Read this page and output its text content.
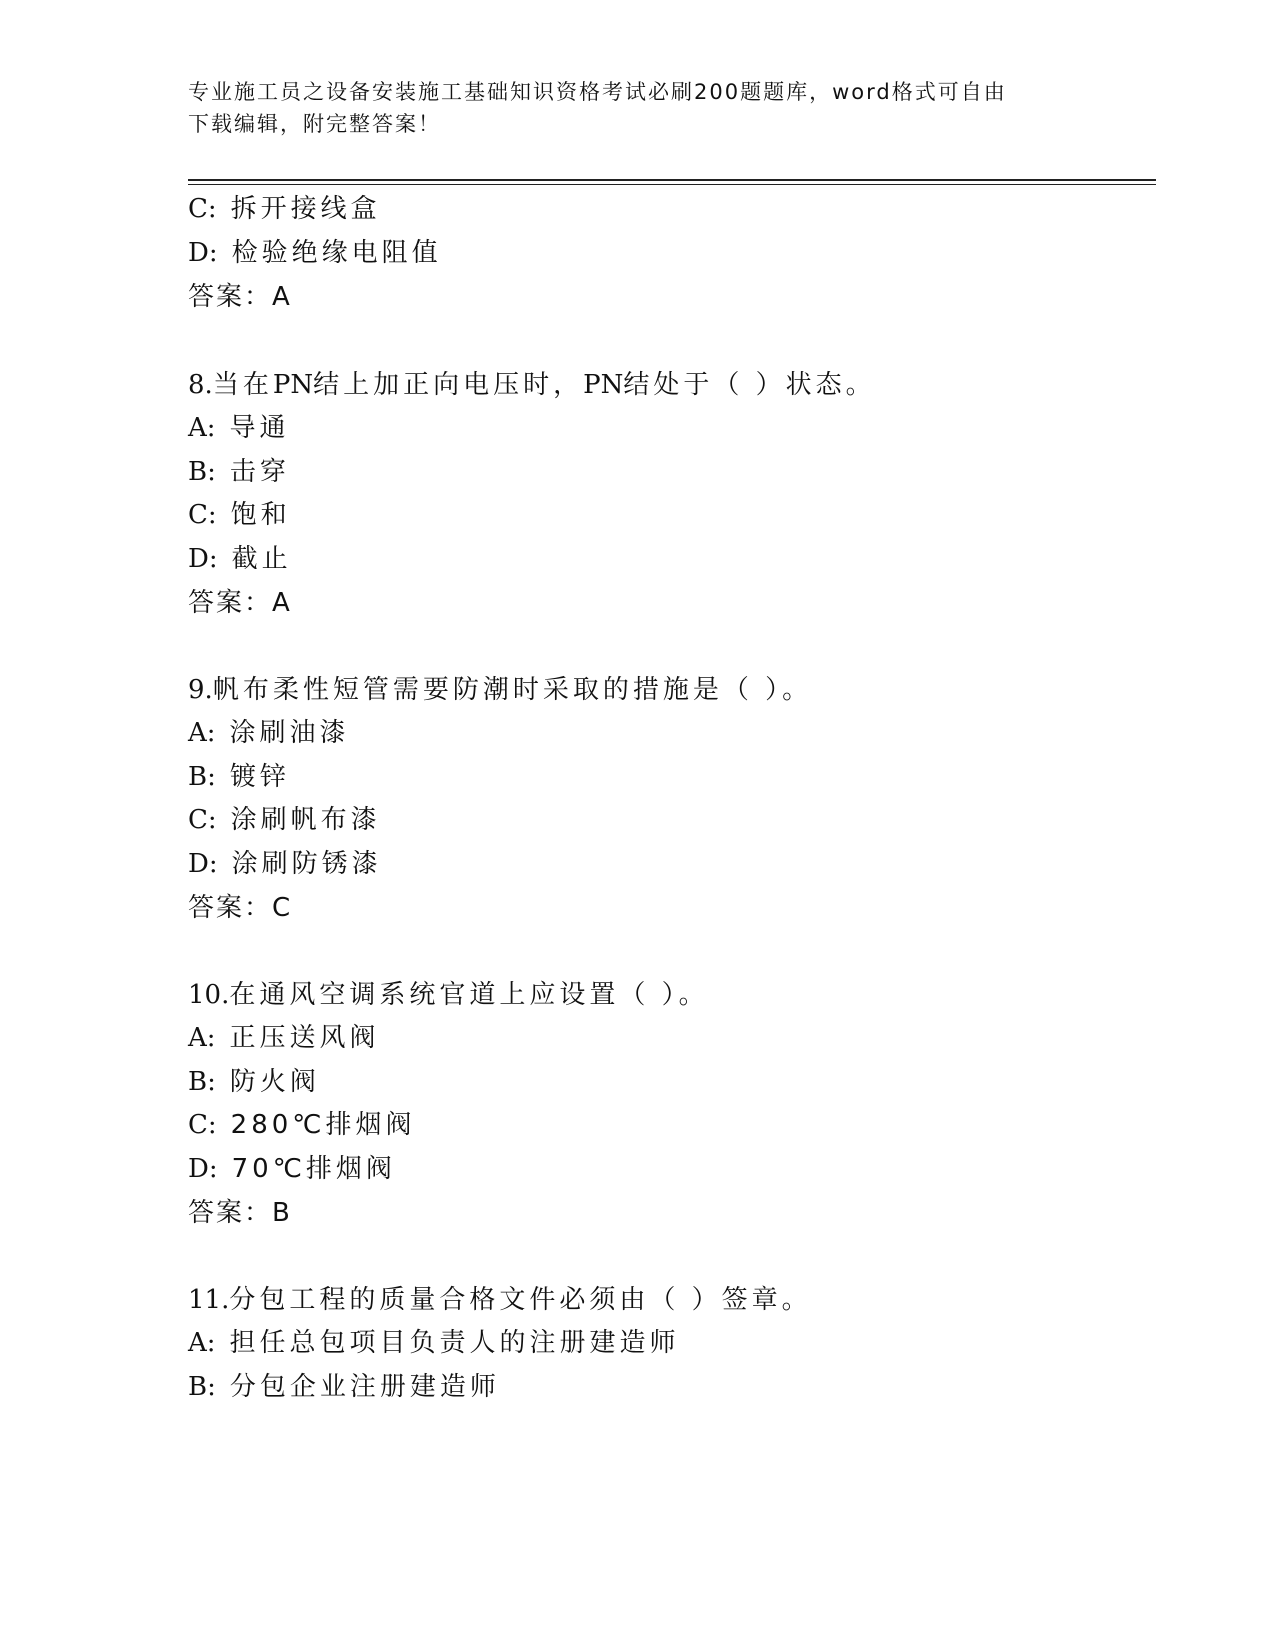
专业施工员之设备安装施工基础知识资格考试必刷200题题库，word格式可自由
下载编辑，附完整答案！
C: 拆开接线盒
D: 检验绝缘电阻值
答案：A
8.当在PN结上加正向电压时，PN结处于（ ）状态。
A: 导通
B: 击穿
C: 饱和
D: 截止
答案：A
9.帆布柔性短管需要防潮时采取的措施是（ ）。
A: 涂刷油漆
B: 镀锌
C: 涂刷帆布漆
D: 涂刷防锈漆
答案：C
10.在通风空调系统官道上应设置（ ）。
A: 正压送风阀
B: 防火阀
C: 280℃排烟阀
D: 70℃排烟阀
答案：B
11.分包工程的质量合格文件必须由（ ）签章。
A: 担任总包项目负责人的注册建造师
B: 分包企业注册建造师
